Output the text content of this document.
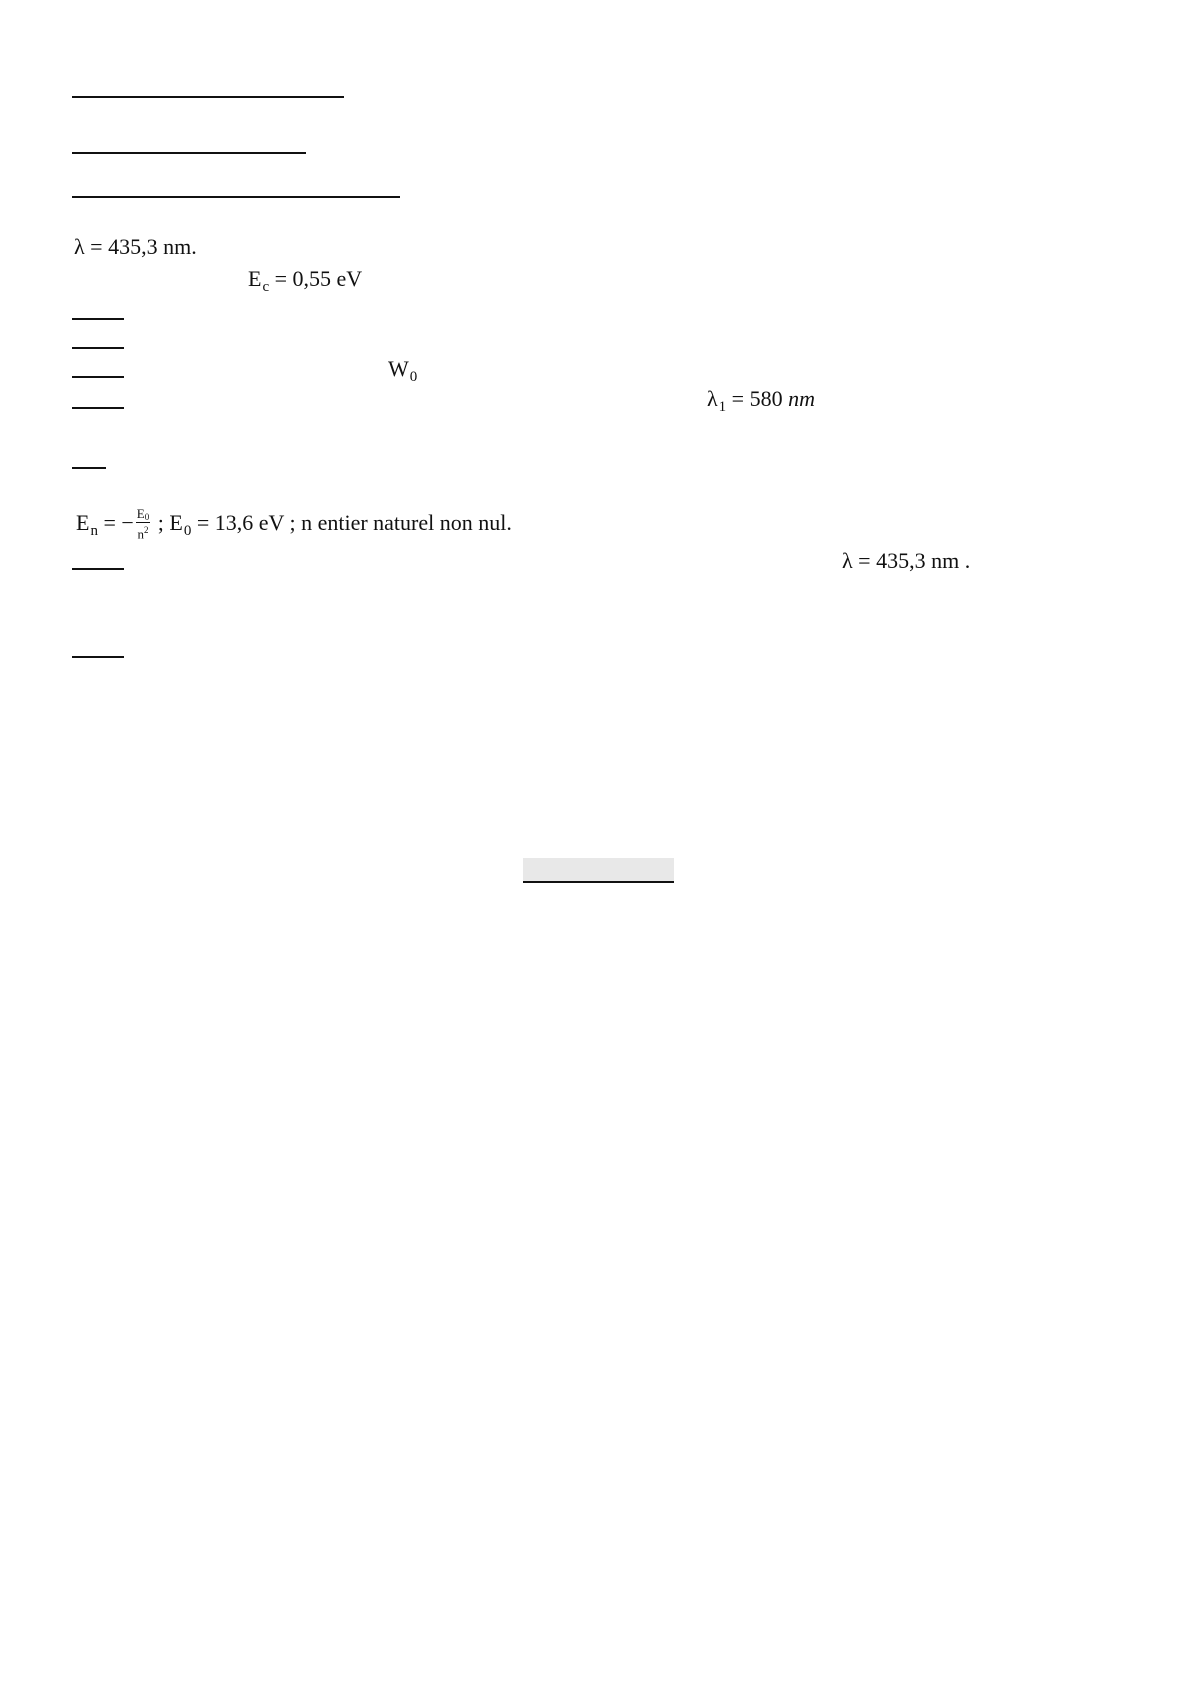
λ = 435,3 nm.
$E_c = 0,55$ eV
$W_0$
$\lambda_1 = 580$ nm
$E_n$ = − $\frac{E0}{n^2}$ ; $E_0 = 13,6$ eV ; n entier naturel non nul.
λ = 435,3 nm .
